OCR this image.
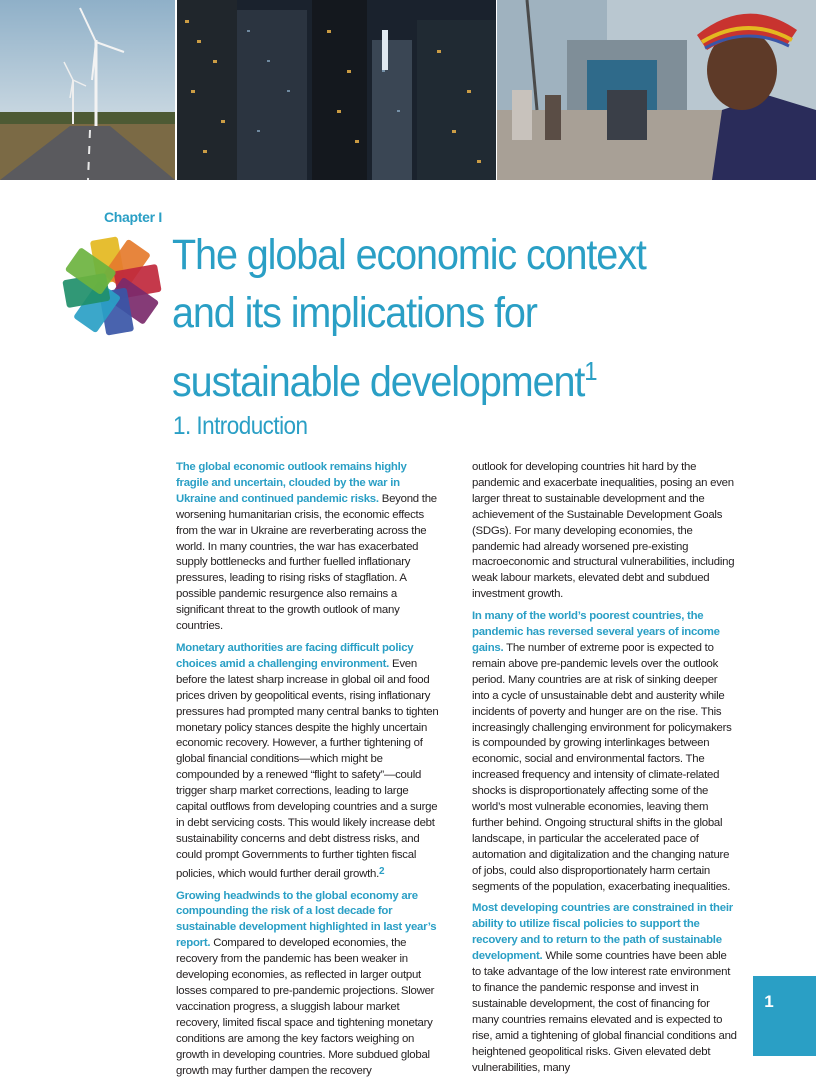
Chapter I
The global economic context and its implications for sustainable development$^1$
1. Introduction

The global economic outlook remains highly fragile and uncertain, clouded by the war in Ukraine and continued pandemic risks. Beyond the worsening humanitarian crisis, the economic effects from the war in Ukraine are reverberating across the world. In many countries, the war has exacerbated supply bottlenecks and further fuelled inflationary pressures, leading to rising risks of stagflation. A possible pandemic resurgence also remains a significant threat to the growth outlook of many countries.

Monetary authorities are facing difficult policy choices amid a challenging environment. Even before the latest sharp increase in global oil and food prices driven by geopolitical events, rising inflationary pressures had prompted many central banks to tighten monetary policy stances despite the highly uncertain economic recovery. However, a further tightening of global financial conditions—which might be compounded by a renewed “flight to safety”—could trigger sharp market corrections, leading to large capital outflows from developing countries and a surge in debt servicing costs. This would likely increase debt sustainability concerns and debt distress risks, and could prompt Governments to further tighten fiscal policies, which would further derail growth.$^2$

Growing headwinds to the global economy are compounding the risk of a lost decade for sustainable development highlighted in last year’s report. Compared to developed economies, the recovery from the pandemic has been weaker in developing economies, as reflected in larger output losses compared to pre-pandemic projections. Slower vaccination progress, a sluggish labour market recovery, limited fiscal space and tightening monetary conditions are among the key factors weighing on growth in developing countries. More subdued global growth may further dampen the recovery

outlook for developing countries hit hard by the pandemic and exacerbate inequalities, posing an even larger threat to sustainable development and the achievement of the Sustainable Development Goals (SDGs). For many developing economies, the pandemic had already worsened pre-existing macroeconomic and structural vulnerabilities, including weak labour markets, elevated debt and subdued investment growth.

In many of the world’s poorest countries, the pandemic has reversed several years of income gains. The number of extreme poor is expected to remain above pre-pandemic levels over the outlook period. Many countries are at risk of sinking deeper into a cycle of unsustainable debt and austerity while incidents of poverty and hunger are on the rise. This increasingly challenging environment for policymakers is compounded by growing interlinkages between economic, social and environmental factors. The increased frequency and intensity of climate-related shocks is disproportionately affecting some of the world’s most vulnerable economies, leaving them further behind. Ongoing structural shifts in the global landscape, in particular the accelerated pace of automation and digitalization and the changing nature of jobs, could also disproportionately harm certain segments of the population, exacerbating inequalities.

Most developing countries are constrained in their ability to utilize fiscal policies to support the recovery and to return to the path of sustainable development. While some countries have been able to take advantage of the low interest rate environment to finance the pandemic response and invest in sustainable development, the cost of financing for many countries remains elevated and is expected to rise, amid a tightening of global financial conditions and heightened geopolitical risks. Given elevated debt vulnerabilities, many

1
